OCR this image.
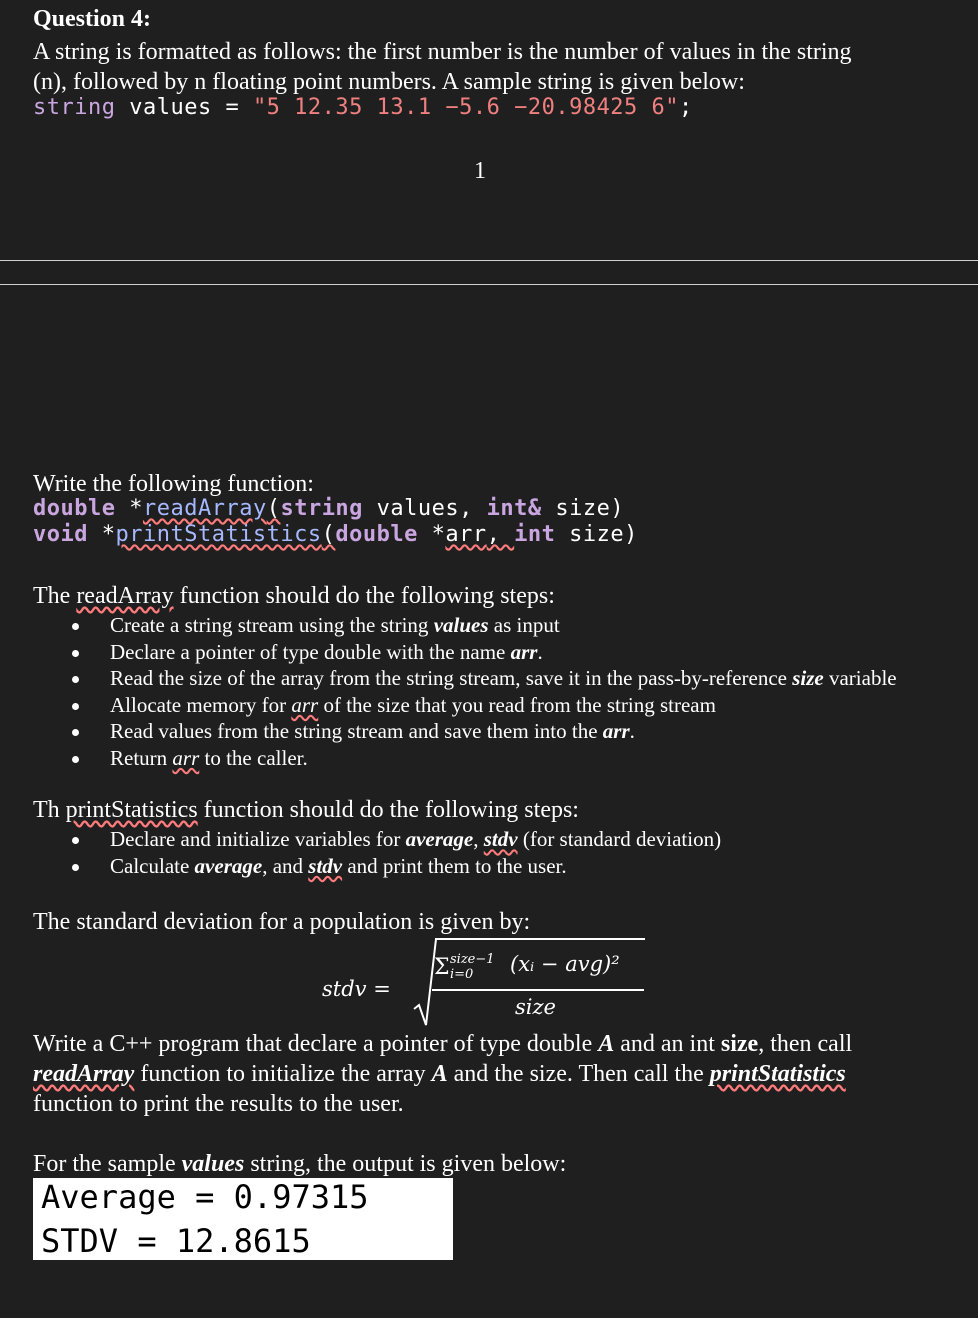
Question 4:
A string is formatted as follows: the first number is the number of values in the string
(n), followed by n floating point numbers. A sample string is given below:
string values = "5 12.35 13.1 −5.6 −20.98425 6";
1
Write the following function:
double *readArray(string values, int& size)
void *printStatistics(double *arr, int size)
The readArray function should do the following steps:
Create a string stream using the string values as input
Declare a pointer of type double with the name arr.
Read the size of the array from the string stream, save it in the pass-by-reference size variable
Allocate memory for arr of the size that you read from the string stream
Read values from the string stream and save them into the arr.
Return arr to the caller.
Th printStatistics function should do the following steps:
Declare and initialize variables for average, stdv (for standard deviation)
Calculate average, and stdv and print them to the user.
The standard deviation for a population is given by:
stdv =
Σ size−1
i=0 (xᵢ − avg)²
size
Write a C++ program that declare a pointer of type double A and an int size, then call
readArray function to initialize the array A and the size. Then call the printStatistics
function to print the results to the user.
For the sample values string, the output is given below:
Average = 0.97315
STDV = 12.8615
